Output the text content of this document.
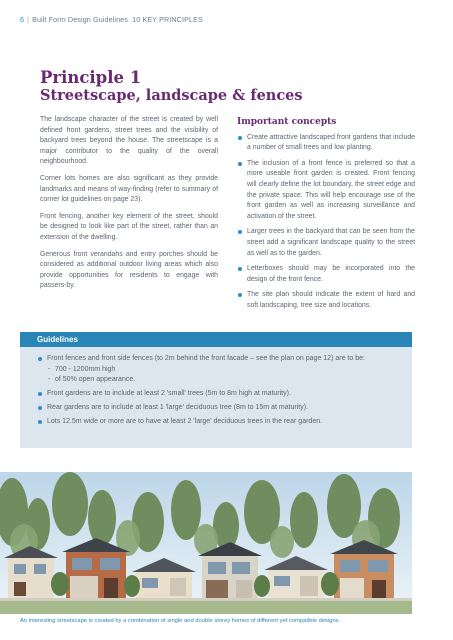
6 | Built Form Design Guidelines 10 KEY PRINCIPLES
Principle 1
Streetscape, landscape & fences

The landscape character of the street is created by well defined front gardens, street trees and the visibility of backyard trees beyond the house. The streetscape is a major contributor to the quality of the overall neighbourhood.

Corner lots homes are also significant as they provide landmarks and means of way-finding (refer to summary of corner lot guidelines on page 23).

Front fencing, another key element of the street, should be designed to look like part of the street, rather than an extension of the dwelling.

Generous front verandahs and entry porches should be considered as additional outdoor living areas which also provide opportunities for residents to engage with passers-by.

Important concepts
Create attractive landscaped front gardens that include a number of small trees and low planting.
The inclusion of a front fence is preferred so that a more useable front garden is created. Front fencing will clearly define the lot boundary, the street edge and the private space. This will help encourage use of the front garden as well as increasing surveillance and activation of the street.
Larger trees in the backyard that can be seen from the street add a significant landscape quality to the street as well as to the garden.
Letterboxes should may be incorporated into the design of the front fence.
The site plan should indicate the extent of hard and soft landscaping, tree size and locations.
Guidelines
Front fences and front side fences (to 2m behind the front facade – see the plan on page 12) are to be:
- 700 - 1200mm high
- of 50% open appearance.
Front gardens are to include at least 2 'small' trees (5m to 8m high at maturity).
Rear gardens are to include at least 1 'large' deciduous tree (8m to 15m at maturity).
Lots 12.5m wide or more are to have at least 2 'large' deciduous trees in the rear garden.
An interesting streetscape is created by a combination of single and double storey homes of different yet compatible designs.
